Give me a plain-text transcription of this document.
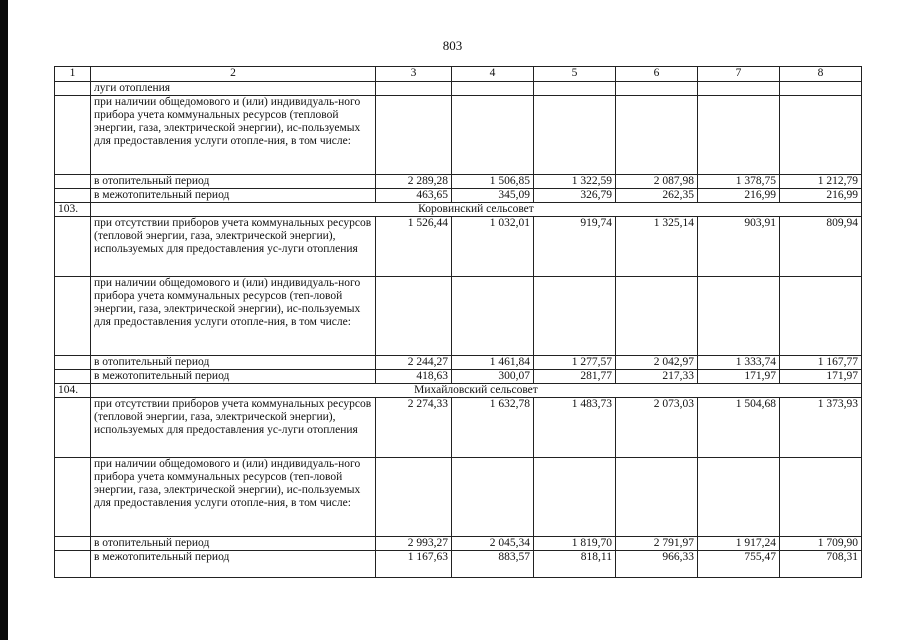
803
1	2	3	4	5	6	7	8
	луги отопления						
	при наличии общедомового и (или) индивидуаль-ного прибора учета коммунальных ресурсов (тепловой энергии, газа, электрической энергии), ис-пользуемых для предоставления услуги отопле-ния, в том числе:						
	в отопительный период	2 289,28	1 506,85	1 322,59	2 087,98	1 378,75	1 212,79
	в межотопительный период	463,65	345,09	326,79	262,35	216,99	216,99
103.	Коровинский сельсовет						
	при отсутствии приборов учета коммунальных ресурсов (тепловой энергии, газа, электрической энергии), используемых для предоставления ус-луги отопления	1 526,44	1 032,01	919,74	1 325,14	903,91	809,94
	при наличии общедомового и (или) индивидуаль-ного прибора учета коммунальных ресурсов (теп-ловой энергии, газа, электрической энергии), ис-пользуемых для предоставления услуги отопле-ния, в том числе:						
	в отопительный период	2 244,27	1 461,84	1 277,57	2 042,97	1 333,74	1 167,77
	в межотопительный период	418,63	300,07	281,77	217,33	171,97	171,97
104.	Михайловский сельсовет						
	при отсутствии приборов учета коммунальных ресурсов (тепловой энергии, газа, электрической энергии), используемых для предоставления ус-луги отопления	2 274,33	1 632,78	1 483,73	2 073,03	1 504,68	1 373,93
	при наличии общедомового и (или) индивидуаль-ного прибора учета коммунальных ресурсов (теп-ловой энергии, газа, электрической энергии), ис-пользуемых для предоставления услуги отопле-ния, в том числе:						
	в отопительный период	2 993,27	2 045,34	1 819,70	2 791,97	1 917,24	1 709,90
	в межотопительный период	1 167,63	883,57	818,11	966,33	755,47	708,31
